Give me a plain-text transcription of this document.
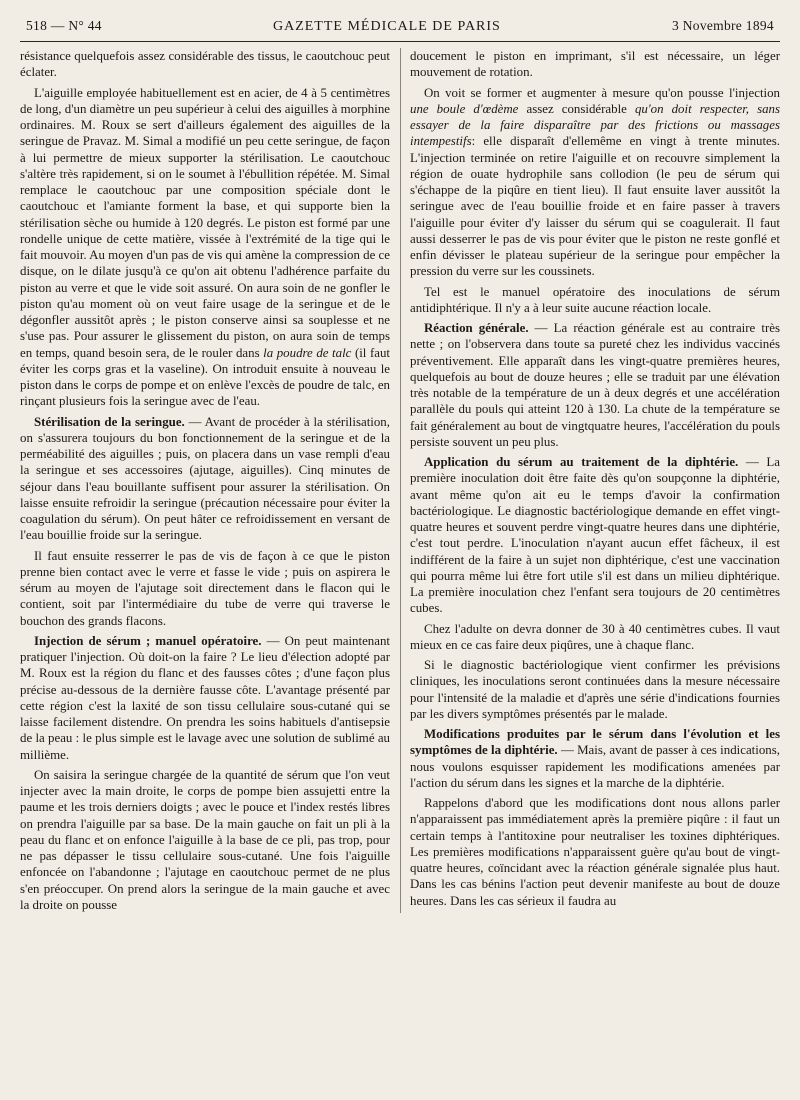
518 — N° 44	GAZETTE MÉDICALE DE PARIS	3 Novembre 1894

résistance quelquefois assez considérable des tissus, le caoutchouc peut éclater.

L'aiguille employée habituellement est en acier, de 4 à 5 centimètres de long, d'un diamètre un peu supérieur à celui des aiguilles à morphine ordinaires. M. Roux se sert d'ailleurs également des aiguilles de la seringue de Pravaz. M. Simal a modifié un peu cette seringue, de façon à lui permettre de mieux supporter la stérilisation. Le caoutchouc s'altère très rapidement, si on le soumet à l'ébullition répétée. M. Simal remplace le caoutchouc par une composition spéciale dont le caoutchouc et l'amiante forment la base, et qui supporte bien la stérilisation sèche ou humide à 120 degrés. Le piston est formé par une rondelle unique de cette matière, vissée à l'extrémité de la tige qui le fait mouvoir. Au moyen d'un pas de vis qui amène la compression de ce disque, on le dilate jusqu'à ce qu'on ait obtenu l'adhérence parfaite du piston au verre et que le vide soit assuré. On aura soin de ne gonfler le piston qu'au moment où on veut faire usage de la seringue et de le dégonfler aussitôt après ; le piston conserve ainsi sa souplesse et ne s'use pas. Pour assurer le glissement du piston, on aura soin de temps en temps, quand besoin sera, de le rouler dans la poudre de talc (il faut éviter les corps gras et la vaseline). On introduit ensuite à nouveau le piston dans le corps de pompe et on enlève l'excès de poudre de talc, en rinçant plusieurs fois la seringue avec de l'eau.

Stérilisation de la seringue. — Avant de procéder à la stérilisation, on s'assurera toujours du bon fonctionnement de la seringue et de la perméabilité des aiguilles ; puis, on placera dans un vase rempli d'eau la seringue et ses accessoires (ajutage, aiguilles). Cinq minutes de séjour dans l'eau bouillante suffisent pour assurer la stérilisation. On laisse ensuite refroidir la seringue (précaution nécessaire pour éviter la coagulation du sérum). On peut hâter ce refroidissement en versant de l'eau bouillie froide sur la seringue.

Il faut ensuite resserrer le pas de vis de façon à ce que le piston prenne bien contact avec le verre et fasse le vide ; puis on aspirera le sérum au moyen de l'ajutage soit directement dans le flacon qui le contient, soit par l'intermédiaire du tube de verre qui traverse le bouchon des grands flacons.

Injection de sérum ; manuel opératoire. — On peut maintenant pratiquer l'injection. Où doit-on la faire ? Le lieu d'élection adopté par M. Roux est la région du flanc et des fausses côtes ; d'une façon plus précise au-dessous de la dernière fausse côte. L'avantage présenté par cette région c'est la laxité de son tissu cellulaire sous-cutané qui se laisse facilement distendre. On prendra les soins habituels d'antisepsie de la peau : le plus simple est le lavage avec une solution de sublimé au millième.

On saisira la seringue chargée de la quantité de sérum que l'on veut injecter avec la main droite, le corps de pompe bien assujetti entre la paume et les trois derniers doigts ; avec le pouce et l'index restés libres on prendra l'aiguille par sa base. De la main gauche on fait un pli à la peau du flanc et on enfonce l'aiguille à la base de ce pli, pas trop, pour ne pas dépasser le tissu cellulaire sous-cutané. Une fois l'aiguille enfoncée on l'abandonne ; l'ajutage en caoutchouc permet de ne plus s'en préoccuper. On prend alors la seringue de la main gauche et avec la droite on pousse

doucement le piston en imprimant, s'il est nécessaire, un léger mouvement de rotation.

On voit se former et augmenter à mesure qu'on pousse l'injection une boule d'œdème assez considérable qu'on doit respecter, sans essayer de la faire disparaître par des frictions ou massages intempestifs: elle disparaît d'ellemême en vingt à trente minutes. L'injection terminée on retire l'aiguille et on recouvre simplement la région de ouate hydrophile sans collodion (le peu de sérum qui s'échappe de la piqûre en tient lieu). Il faut ensuite laver aussitôt la seringue avec de l'eau bouillie froide et en faire passer à travers l'aiguille pour éviter d'y laisser du sérum qui se coagulerait. Il faut aussi desserrer le pas de vis pour éviter que le piston ne reste gonflé et enfin dévisser le plateau supérieur de la seringue pour empêcher la pression du verre sur les coussinets.

Tel est le manuel opératoire des inoculations de sérum antidiphtérique. Il n'y a à leur suite aucune réaction locale.

Réaction générale. — La réaction générale est au contraire très nette ; on l'observera dans toute sa pureté chez les individus vaccinés préventivement. Elle apparaît dans les vingt-quatre premières heures, quelquefois au bout de douze heures ; elle se traduit par une élévation très notable de la température de un à deux degrés et une accélération parallèle du pouls qui atteint 120 à 130. La chute de la température se fait généralement au bout de vingtquatre heures, l'accélération du pouls persiste souvent un peu plus.

Application du sérum au traitement de la diphtérie. — La première inoculation doit être faite dès qu'on soupçonne la diphtérie, avant même qu'on ait eu le temps d'avoir la confirmation bactériologique. Le diagnostic bactériologique demande en effet vingt-quatre heures et souvent perdre vingt-quatre heures dans une diphtérie, c'est tout perdre. L'inoculation n'ayant aucun effet fâcheux, il est indifférent de la faire à un sujet non diphtérique, c'est une vaccination qui pourra même lui être fort utile s'il est dans un milieu diphtérique. La première inoculation chez l'enfant sera toujours de 20 centimètres cubes.

Chez l'adulte on devra donner de 30 à 40 centimètres cubes. Il vaut mieux en ce cas faire deux piqûres, une à chaque flanc.

Si le diagnostic bactériologique vient confirmer les prévisions cliniques, les inoculations seront continuées dans la mesure nécessaire pour l'intensité de la maladie et d'après une série d'indications fournies par les divers symptômes présentés par le malade.

Modifications produites par le sérum dans l'évolution et les symptômes de la diphtérie. — Mais, avant de passer à ces indications, nous voulons esquisser rapidement les modifications amenées par l'action du sérum dans les signes et la marche de la diphtérie.

Rappelons d'abord que les modifications dont nous allons parler n'apparaissent pas immédiatement après la première piqûre : il faut un certain temps à l'antitoxine pour neutraliser les toxines diphtériques. Les premières modifications n'apparaissent guère qu'au bout de vingt-quatre heures, coïncidant avec la réaction générale signalée plus haut. Dans les cas bénins l'action peut devenir manifeste au bout de douze heures. Dans les cas sérieux il faudra au
